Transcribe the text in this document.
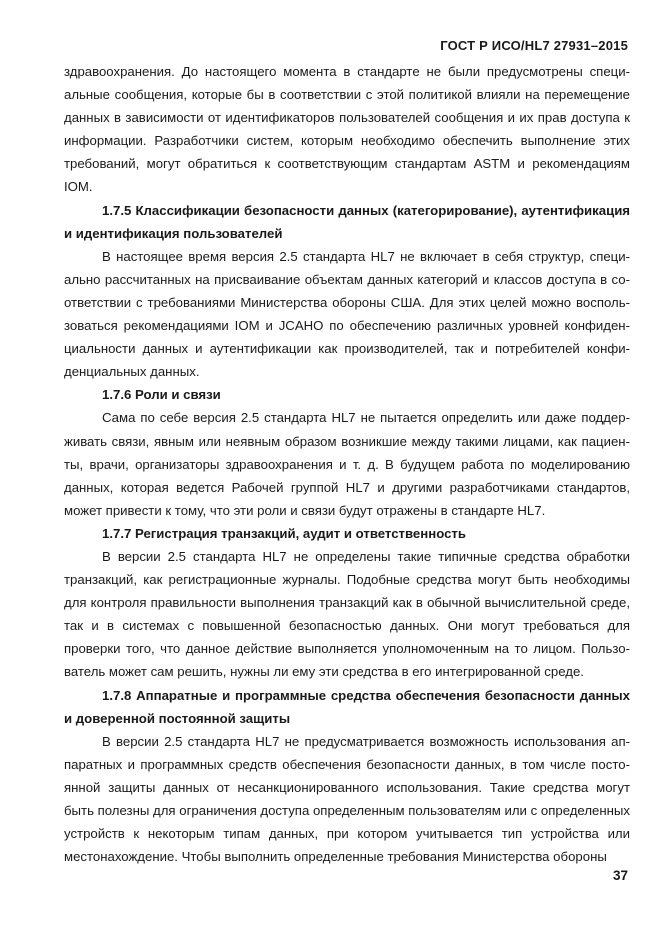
ГОСТ Р ИСО/HL7 27931–2015

здравоохранения. До настоящего момента в стандарте не были предусмотрены специальные сообщения, которые бы в соответствии с этой политикой влияли на перемещение данных в зависимости от идентификаторов пользователей сообщения и их прав доступа к информации. Разработчики систем, которым необходимо обеспечить выполнение этих требований, могут обратиться к соответствующим стандартам ASTM и рекомендациям IOM.

1.7.5 Классификации безопасности данных (категорирование), аутентификация и идентификация пользователей

В настоящее время версия 2.5 стандарта HL7 не включает в себя структур, специально рассчитанных на присваивание объектам данных категорий и классов доступа в соответствии с требованиями Министерства обороны США. Для этих целей можно воспользоваться рекомендациями IOM и JCAHO по обеспечению различных уровней конфиденциальности данных и аутентификации как производителей, так и потребителей конфиденциальных данных.

1.7.6 Роли и связи

Сама по себе версия 2.5 стандарта HL7 не пытается определить или даже поддерживать связи, явным или неявным образом возникшие между такими лицами, как пациенты, врачи, организаторы здравоохранения и т. д. В будущем работа по моделированию данных, которая ведется Рабочей группой HL7 и другими разработчиками стандартов, может привести к тому, что эти роли и связи будут отражены в стандарте HL7.

1.7.7 Регистрация транзакций, аудит и ответственность

В версии 2.5 стандарта HL7 не определены такие типичные средства обработки транзакций, как регистрационные журналы. Подобные средства могут быть необходимы для контроля правильности выполнения транзакций как в обычной вычислительной среде, так и в системах с повышенной безопасностью данных. Они могут требоваться для проверки того, что данное действие выполняется уполномоченным на то лицом. Пользователь может сам решить, нужны ли ему эти средства в его интегрированной среде.

1.7.8 Аппаратные и программные средства обеспечения безопасности данных и доверенной постоянной защиты

В версии 2.5 стандарта HL7 не предусматривается возможность использования аппаратных и программных средств обеспечения безопасности данных, в том числе постоянной защиты данных от несанкционированного использования. Такие средства могут быть полезны для ограничения доступа определенным пользователям или с определенных устройств к некоторым типам данных, при котором учитывается тип устройства или местонахождение. Чтобы выполнить определенные требования Министерства обороны

37
